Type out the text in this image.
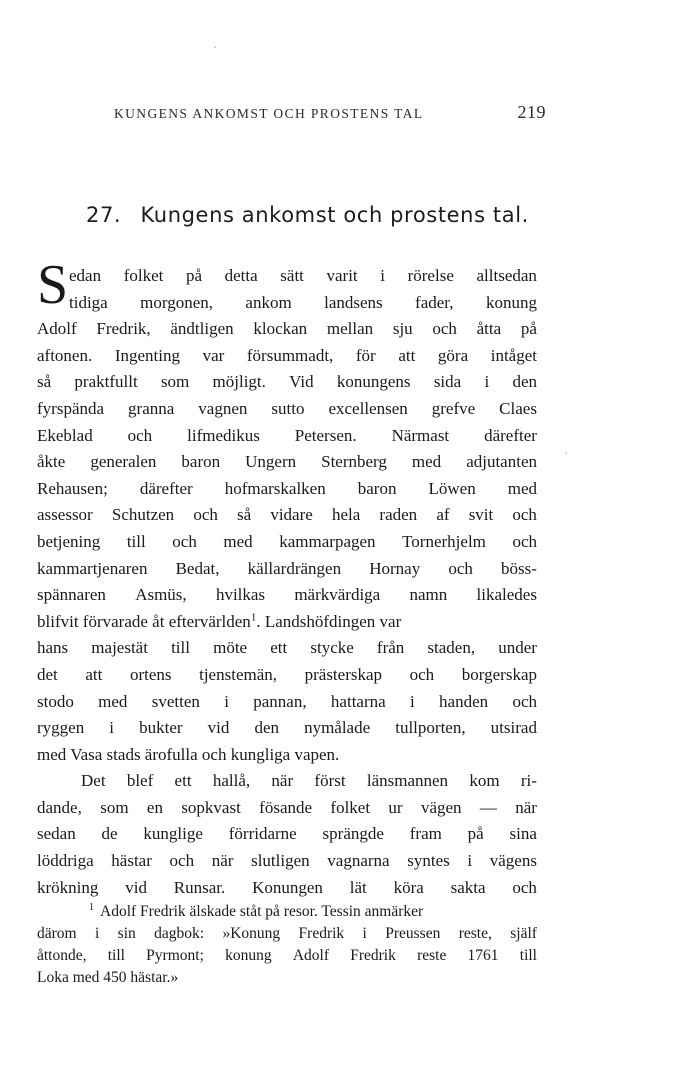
KUNGENS ANKOMST OCH PROSTENS TAL	219
27. Kungens ankomst och prostens tal.
S edan folket på detta sätt varit i rörelse alltsedan
tidiga morgonen, ankom landsens fader, konung
Adolf Fredrik, ändtligen klockan mellan sju och åtta på
aftonen. Ingenting var försummadt, för att göra intåget
så praktfullt som möjligt. Vid konungens sida i den
fyrspända granna vagnen sutto excellensen grefve Claes
Ekeblad och lifmedikus Petersen. Närmast därefter
åkte generalen baron Ungern Sternberg med adjutanten
Rehausen; därefter hofmarskalken baron Löwen med
assessor Schutzen och så vidare hela raden af svit och
betjening till och med kammarpagen Tornerhjelm och
kammartjenaren Bedat, källardrängen Hornay och böss-
spännaren Asmüs, hvilkas märkvärdiga namn likaledes
blifvit förvarade åt eftervärlden$^1$. Landshöfdingen var
hans majestät till möte ett stycke från staden, under
det att ortens tjenstemän, prästerskap och borgerskap
stodo med svetten i pannan, hattarna i handen och
ryggen i bukter vid den nymålade tullporten, utsirad
med Vasa stads ärofulla och kungliga vapen.
Det blef ett hallå, när först länsmannen kom ri-
dande, som en sopkvast fösande folket ur vägen — när
sedan de kunglige förridarne sprängde fram på sina
löddriga hästar och när slutligen vagnarna syntes i vägens
krökning vid Runsar. Konungen lät köra sakta och
$^1$ Adolf Fredrik älskade ståt på resor. Tessin anmärker
därom i sin dagbok: »Konung Fredrik i Preussen reste, själf
åttonde, till Pyrmont; konung Adolf Fredrik reste 1761 till
Loka med 450 hästar.»
